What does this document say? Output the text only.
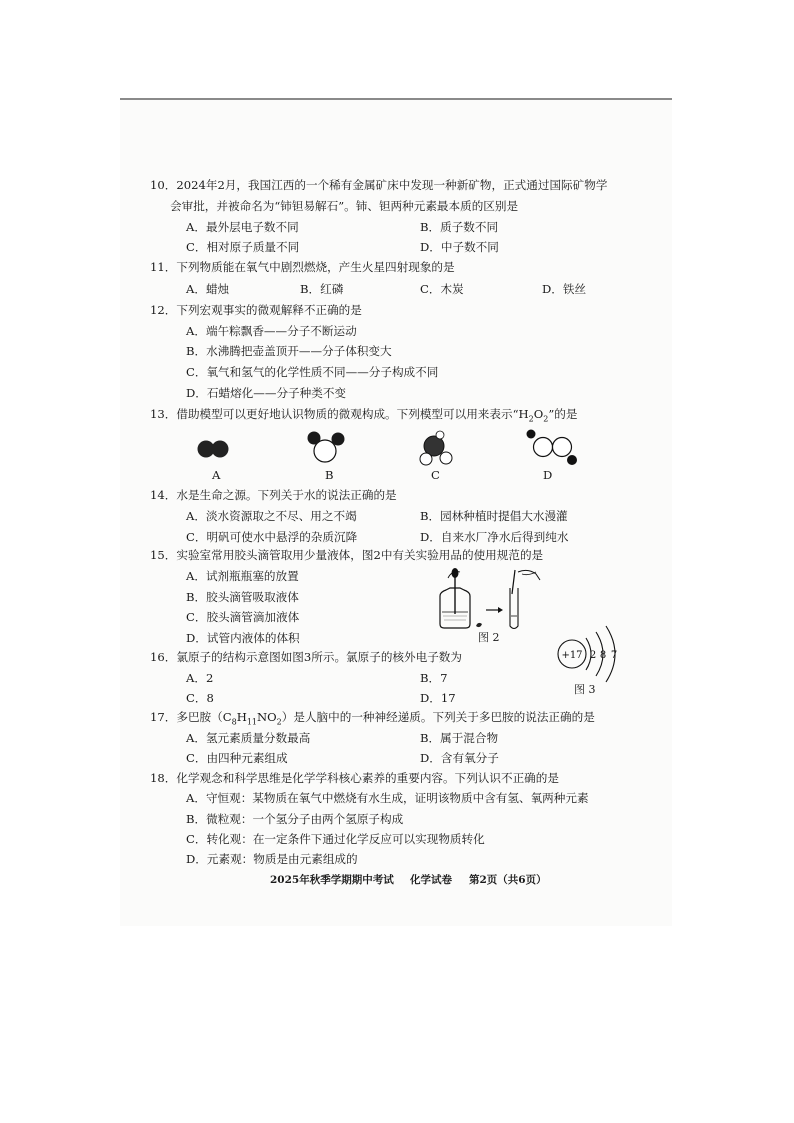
10．2024年2月，我国江西的一个稀有金属矿床中发现一种新矿物，正式通过国际矿物学
会审批，并被命名为“铈钽易解石”。铈、钽两种元素最本质的区别是
A．最外层电子数不同	B．质子数不同
C．相对原子质量不同	D．中子数不同
11．下列物质能在氧气中剧烈燃烧，产生火星四射现象的是
A．蜡烛	B．红磷	C．木炭	D．铁丝
12．下列宏观事实的微观解释不正确的是
A．端午粽飘香——分子不断运动
B．水沸腾把壶盖顶开——分子体积变大
C．氧气和氢气的化学性质不同——分子构成不同
D．石蜡熔化——分子种类不变
13．借助模型可以更好地认识物质的微观构成。下列模型可以用来表示“$H_2O_2$”的是
A	B	C	D
14．水是生命之源。下列关于水的说法正确的是
A．淡水资源取之不尽、用之不竭	B．园林种植时提倡大水漫灌
C．明矾可使水中悬浮的杂质沉降	D．自来水厂净水后得到纯水
15．实验室常用胶头滴管取用少量液体，图2中有关实验用品的使用规范的是
A．试剂瓶瓶塞的放置
B．胶头滴管吸取液体
C．胶头滴管滴加液体
D．试管内液体的体积	图 2
16．氯原子的结构示意图如图3所示。氯原子的核外电子数为
A．2	B．7
C．8	D．17
+17 2 8 7
图 3
17．多巴胺$(C_8H_{11}NO_2)$是人脑中的一种神经递质。下列关于多巴胺的说法正确的是
A．氢元素质量分数最高	B．属于混合物
C．由四种元素组成	D．含有氧分子
18．化学观念和科学思维是化学学科核心素养的重要内容。下列认识不正确的是
A．守恒观：某物质在氧气中燃烧有水生成，证明该物质中含有氢、氧两种元素
B．微粒观：一个氢分子由两个氢原子构成
C．转化观：在一定条件下通过化学反应可以实现物质转化
D．元素观：物质是由元素组成的
2025年秋季学期期中考试 化学试卷 第2页（共6页）
